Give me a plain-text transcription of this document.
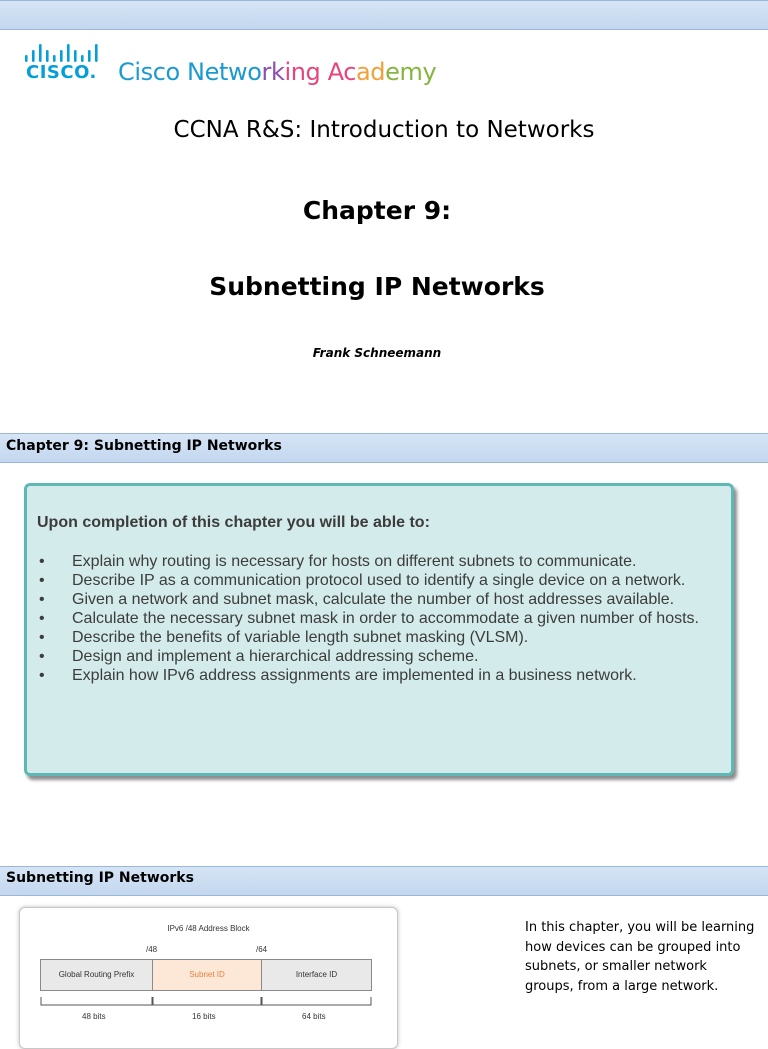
CISCO. Cisco Networking Academy
CCNA R&S: Introduction to Networks
Chapter 9:
Subnetting IP Networks
Frank Schneemann
Chapter 9: Subnetting IP Networks
Upon completion of this chapter you will be able to:
• Explain why routing is necessary for hosts on different subnets to communicate.
• Describe IP as a communication protocol used to identify a single device on a network.
• Given a network and subnet mask, calculate the number of host addresses available.
• Calculate the necessary subnet mask in order to accommodate a given number of hosts.
• Describe the benefits of variable length subnet masking (VLSM).
• Design and implement a hierarchical addressing scheme.
• Explain how IPv6 address assignments are implemented in a business network.
Subnetting IP Networks
IPv6 /48 Address Block
/48	/64
Global Routing Prefix	Subnet ID	Interface ID
48 bits	16 bits	64 bits
In this chapter, you will be learning how devices can be grouped into subnets, or smaller network groups, from a large network.
